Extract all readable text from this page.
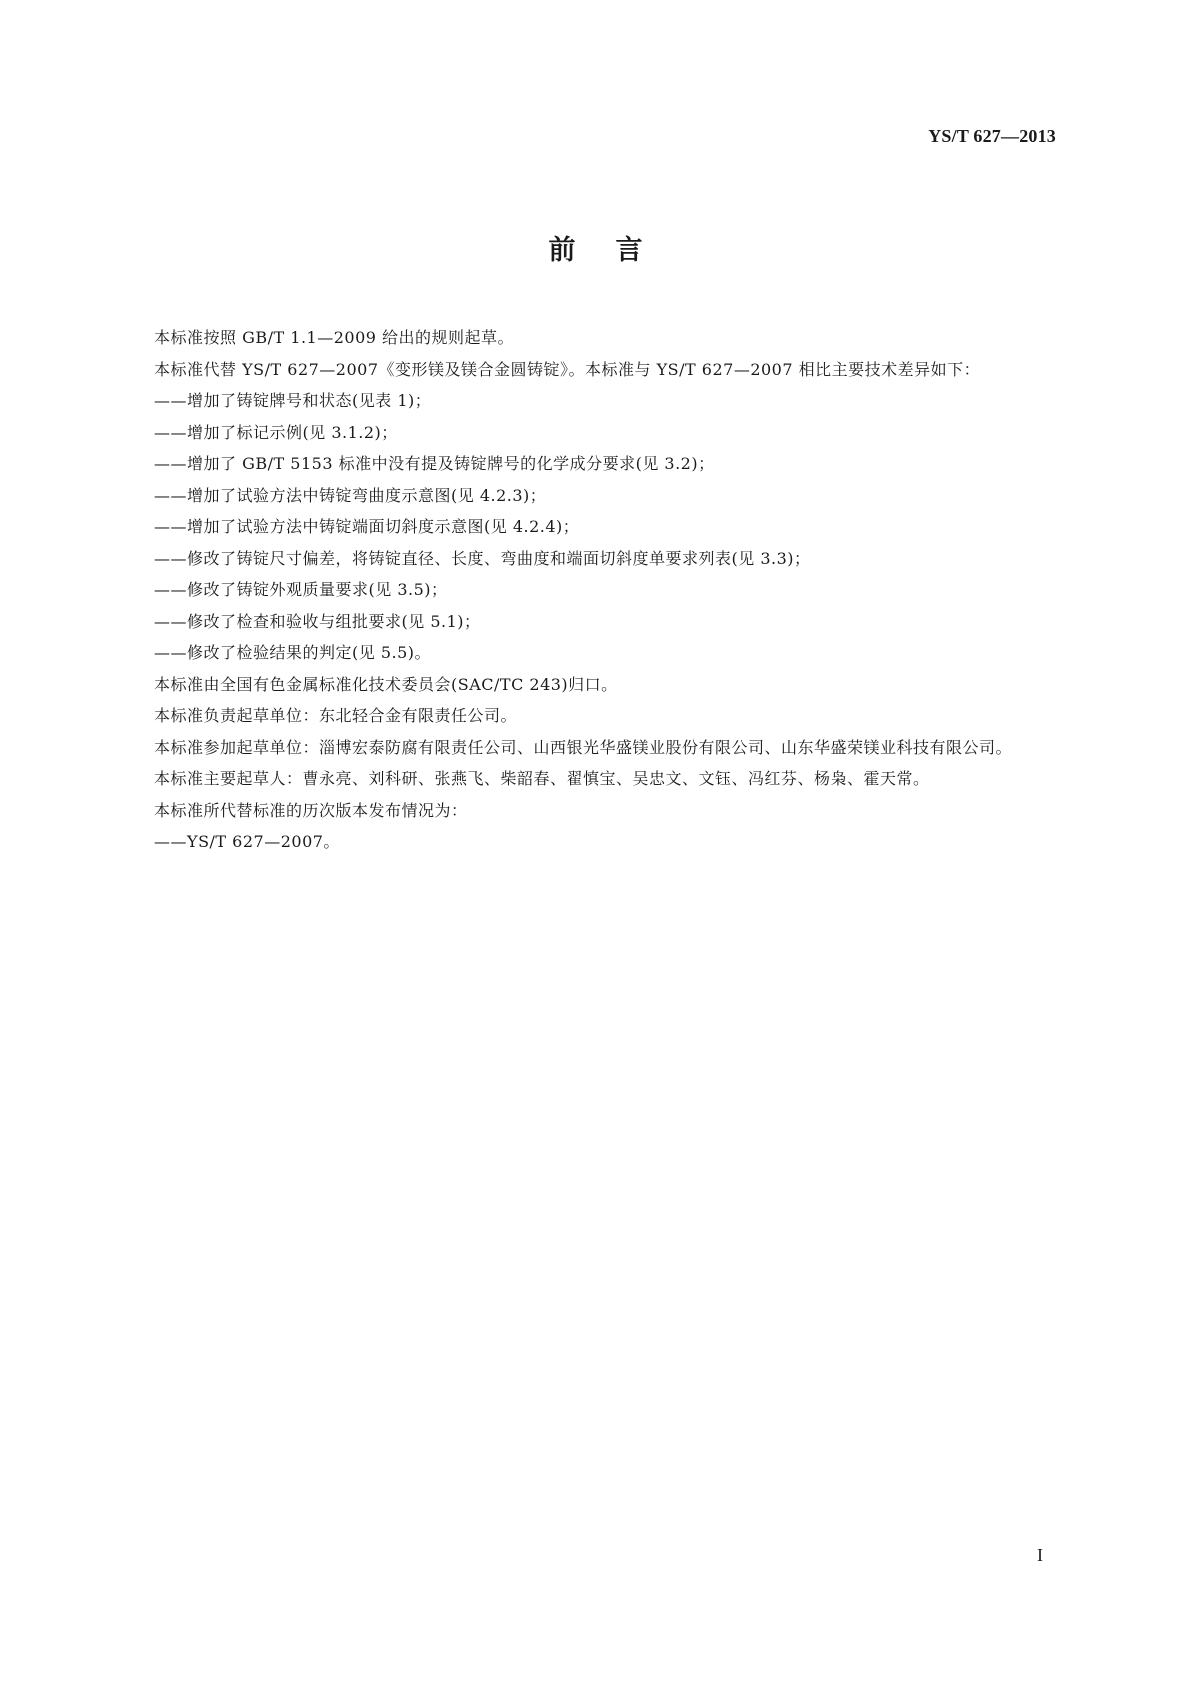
YS/T 627—2013
前言

本标准按照 GB/T 1.1—2009 给出的规则起草。

本标准代替 YS/T 627—2007《变形镁及镁合金圆铸锭》。本标准与 YS/T 627—2007 相比主要技术差异如下：

——增加了铸锭牌号和状态(见表 1)；

——增加了标记示例(见 3.1.2)；

——增加了 GB/T 5153 标准中没有提及铸锭牌号的化学成分要求(见 3.2)；

——增加了试验方法中铸锭弯曲度示意图(见 4.2.3)；

——增加了试验方法中铸锭端面切斜度示意图(见 4.2.4)；

——修改了铸锭尺寸偏差，将铸锭直径、长度、弯曲度和端面切斜度单要求列表(见 3.3)；

——修改了铸锭外观质量要求(见 3.5)；

——修改了检查和验收与组批要求(见 5.1)；

——修改了检验结果的判定(见 5.5)。

本标准由全国有色金属标准化技术委员会(SAC/TC 243)归口。

本标准负责起草单位：东北轻合金有限责任公司。

本标准参加起草单位：淄博宏泰防腐有限责任公司、山西银光华盛镁业股份有限公司、山东华盛荣镁业科技有限公司。

本标准主要起草人：曹永亮、刘科研、张燕飞、柴韶春、翟慎宝、吴忠文、文钰、冯红芬、杨枭、霍天常。

本标准所代替标准的历次版本发布情况为：

——YS/T 627—2007。

I
